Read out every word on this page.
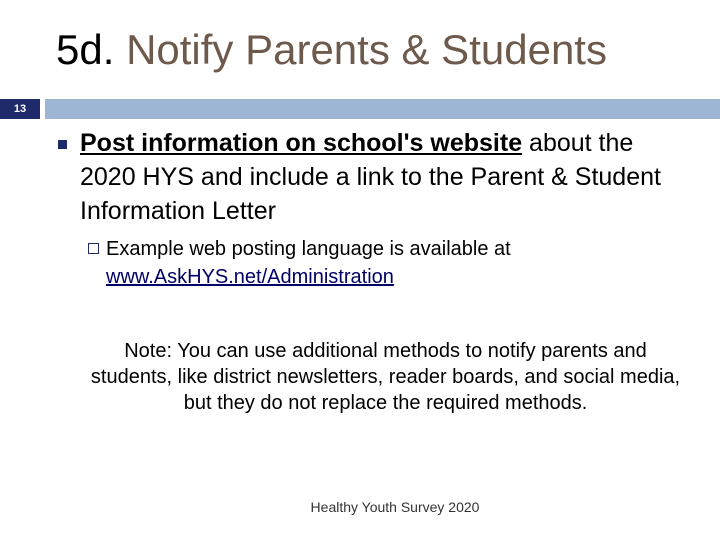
5d. Notify Parents & Students
13
Post information on school's website about the 2020 HYS and include a link to the Parent & Student Information Letter
Example web posting language is available at www.AskHYS.net/Administration
Note: You can use additional methods to notify parents and students, like district newsletters, reader boards, and social media, but they do not replace the required methods.
Healthy Youth Survey 2020
